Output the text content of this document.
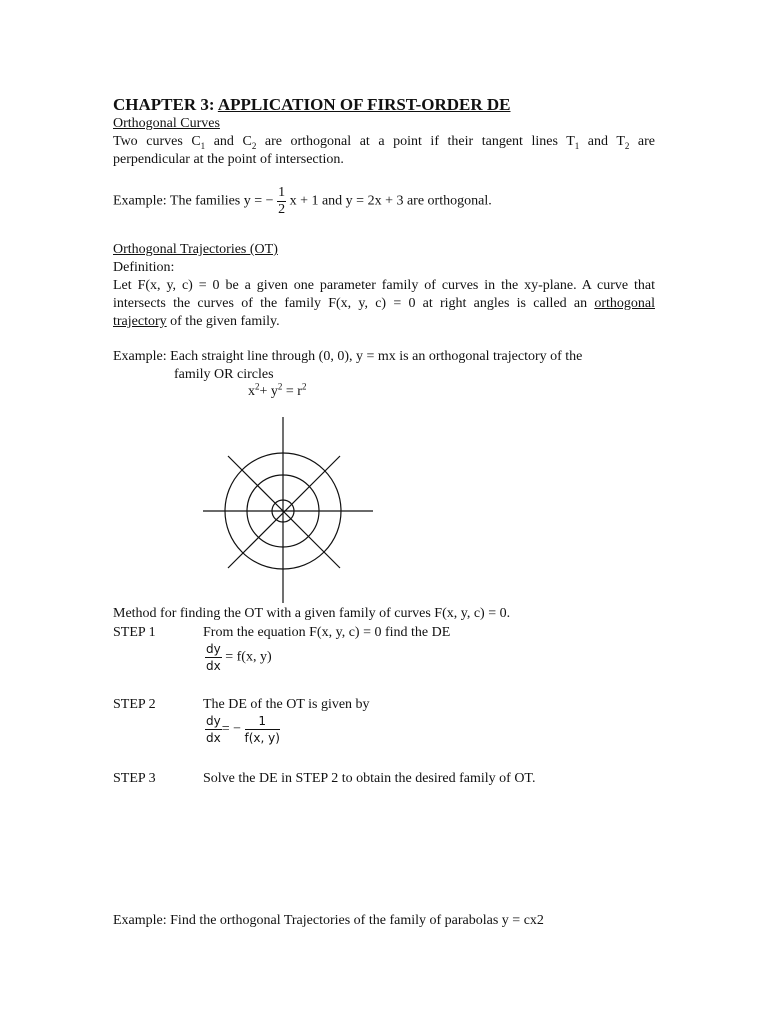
CHAPTER 3: APPLICATION OF FIRST-ORDER DE
Orthogonal Curves
Two curves $C_1$ and $C_2$ are orthogonal at a point if their tangent lines $T_1$ and $T_2$ are
perpendicular at the point of intersection.
Example: The families y = − $\frac{1}{2}$ x + 1 and y = 2x + 3 are orthogonal.
Orthogonal Trajectories (OT)
Definition:
Let F(x, y, c) = 0 be a given one parameter family of curves in the xy-plane. A curve that
intersects the curves of the family F(x, y, c) = 0 at right angles is called an orthogonal
trajectory of the given family.
Example: Each straight line through (0, 0), y = mx is an orthogonal trajectory of the
family OR circles
$x^2+ y^2 = r^2$
Method for finding the OT with a given family of curves F(x, y, c) = 0.
STEP 1	From the equation F(x, y, c) = 0 find the DE
$\frac{dy}{dx} = f(x$, y)
STEP 2	The DE of the OT is given by
$\frac{dy}{dx}$ = − $\frac{1}{f(x, y)}$
STEP 3	Solve the DE in STEP 2 to obtain the desired family of OT.
Example: Find the orthogonal Trajectories of the family of parabolas y = cx2
